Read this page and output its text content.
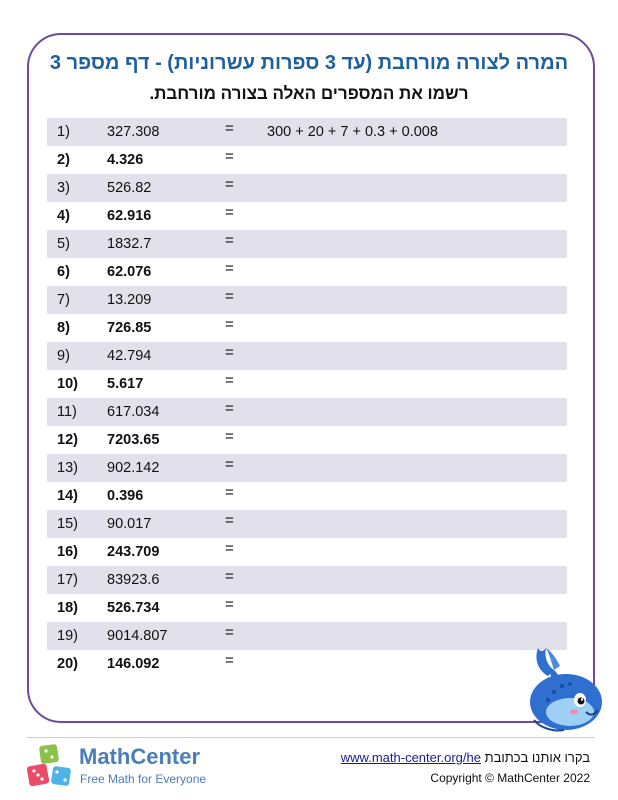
המרה לצורה מורחבת (עד 3 ספרות עשרוניות) - דף מספר 3

רשמו את המספרים האלה בצורה מורחבת.

1)	327.308	= 300 + 20 + 7 + 0.3 + 0.008
2)	4.326	=
3)	526.82	=
4)	62.916	=
5)	1832.7	=
6)	62.076	=
7)	13.209	=
8)	726.85	=
9)	42.794	=
10) 5.617	=
11) 617.034	=
12) 7203.65	=
13) 902.142	=
14) 0.396	=
15) 90.017	=
16) 243.709	=
17) 83923.6	=
18) 526.734	=
19) 9014.807	=
20) 146.092	=
MathCenter
Free Math for Everyone
בקרו אותנו בכתובת www.math-center.org/he
Copyright © MathCenter 2022
